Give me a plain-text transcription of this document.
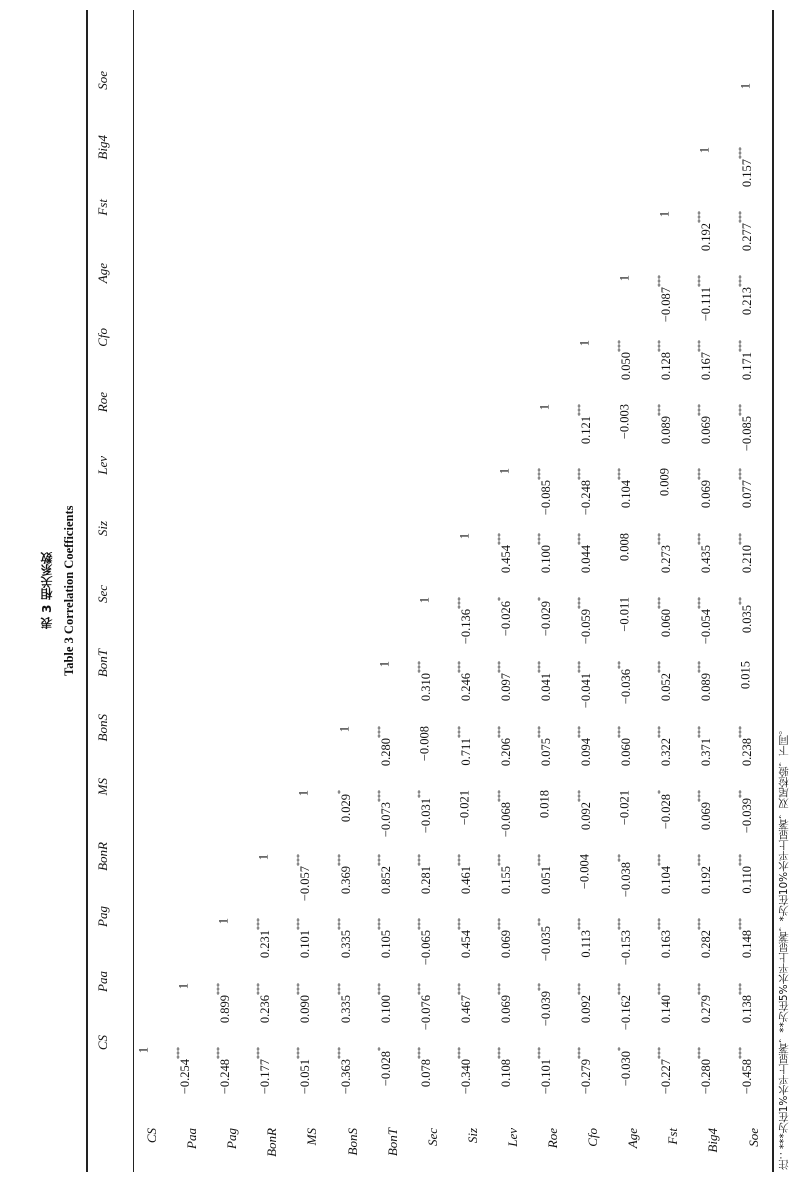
表 3 相关系数 Table 3 Correlation Coefficients
CS
Paa
Pag
BonR
MS
BonS
BonT
Sec
Siz
Lev
Roe
Cfo
Age
Fst
Big4
Soe
CS
1
Paa
−0.254***
1
Pag
−0.248***
0.899***
1
BonR
−0.177***
0.236***
0.231***
1
MS
−0.051***
0.090***
0.101***
−0.057***
1
BonS
−0.363***
0.335***
0.335***
0.369***
0.029*
1
BonT
−0.028*
0.100***
0.105***
0.852***
−0.073***
0.280***
1
Sec
0.078***
−0.076***
−0.065***
0.281***
−0.031**
−0.008
0.310***
1
Siz
−0.340***
0.467***
0.454***
0.461***
−0.021
0.711***
0.246***
−0.136***
1
Lev
0.108***
0.069***
0.069***
0.155***
−0.068***
0.206***
0.097***
−0.026*
0.454***
1
Roe
−0.101***
−0.039**
−0.035**
0.051***
0.018
0.075***
0.041***
−0.029*
0.100***
−0.085***
1
Cfo
−0.279***
0.092***
0.113***
−0.004
0.092***
0.094***
−0.041***
−0.059***
0.044***
−0.248***
0.121***
1
Age
−0.030*
−0.162***
−0.153***
−0.038**
−0.021
0.060***
−0.036**
−0.011
0.008
0.104***
−0.003
0.050***
1
Fst
−0.227***
0.140***
0.163***
0.104***
−0.028*
0.322***
0.052***
0.060***
0.273***
0.009
0.089***
0.128***
−0.087***
1
Big4
−0.280***
0.279***
0.282***
0.192***
0.069***
0.371***
0.089***
−0.054***
0.435***
0.069***
0.069***
0.167***
−0.111***
0.192***
1
Soe
−0.458***
0.138***
0.148***
0.110***
−0.039**
0.238***
0.015
0.035**
0.210***
0.077***
−0.085***
0.171***
0.213***
0.277***
0.157***
1
注：***为在1%水平上显著，**为在5%水平上显著，*为在10%水平上显著，双尾检验，下同。
